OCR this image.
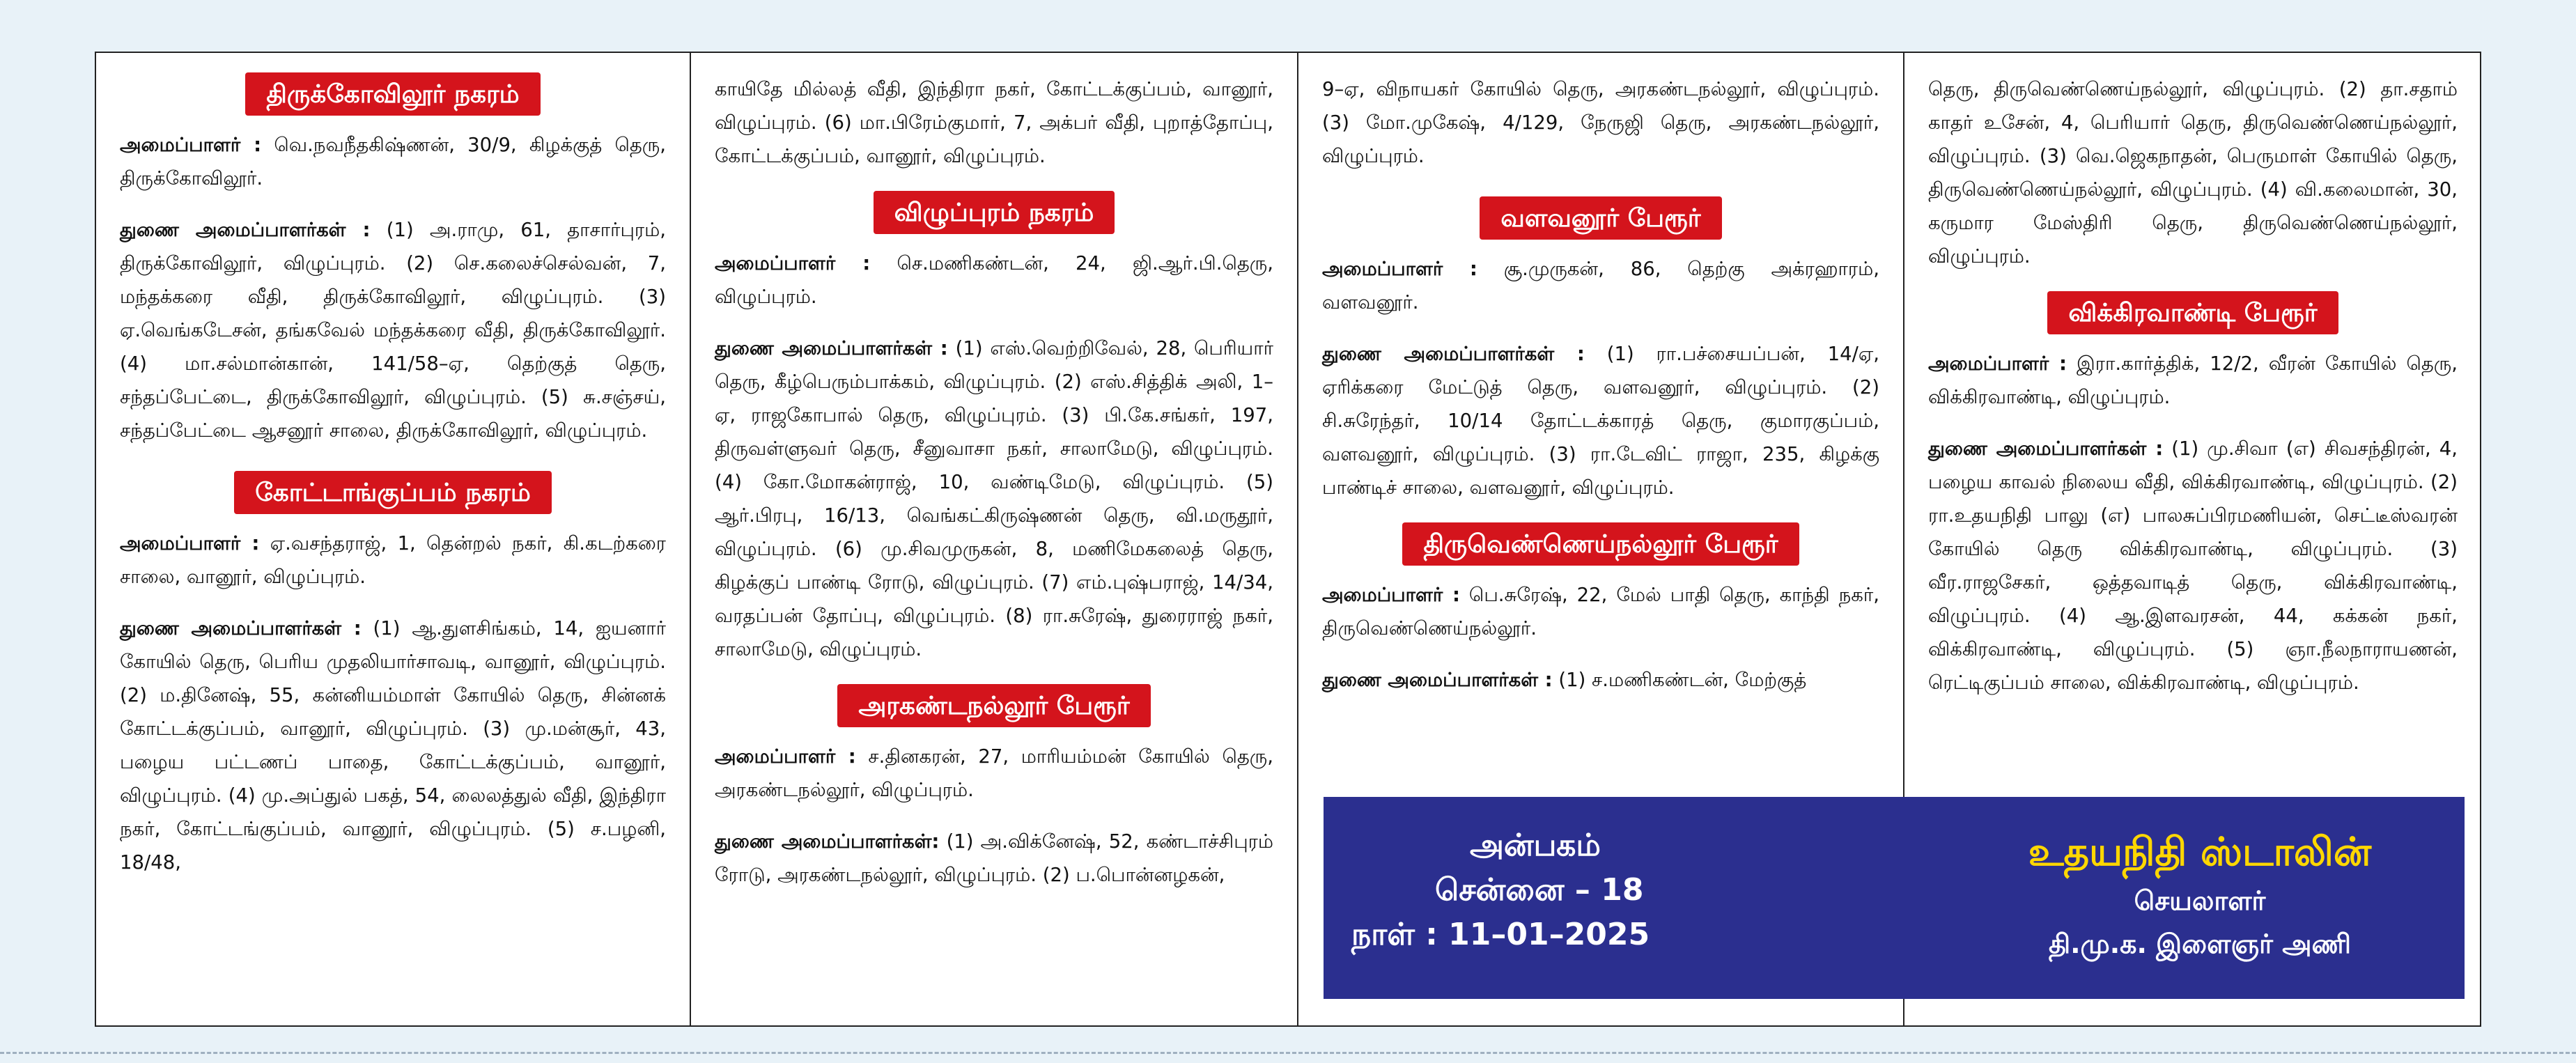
திருக்கோவிலூர் நகரம்

அமைப்பாளர் : வெ.நவநீதகிஷ்ணன், 30/9, கிழக்குத் தெரு, திருக்கோவிலூர்.

துணை அமைப்பாளர்கள் : (1) அ.ராமு, 61, தாசார்புரம், திருக்கோவிலூர், விழுப்புரம். (2) செ.கலைச்செல்வன், 7, மந்தக்கரை வீதி, திருக்கோவிலூர், விழுப்புரம். (3) ஏ.வெங்கடேசன், தங்கவேல் மந்தக்கரை வீதி, திருக்கோவிலூர். (4) மா.சல்மான்கான், 141/58–ஏ, தெற்குத் தெரு, சந்தப்பேட்டை, திருக்கோவிலூர், விழுப்புரம். (5) சு.சஞ்சய், சந்தப்பேட்டை ஆசனூர் சாலை, திருக்கோவிலூர், விழுப்புரம்.

கோட்டாங்குப்பம் நகரம்

அமைப்பாளர் : ஏ.வசந்தராஜ், 1, தென்றல் நகர், கி.கடற்கரை சாலை, வானூர், விழுப்புரம்.

துணை அமைப்பாளர்கள் : (1) ஆ.துளசிங்கம், 14, ஐயனார் கோயில் தெரு, பெரிய முதலியார்சாவடி, வானூர், விழுப்புரம். (2) ம.தினேஷ், 55, கன்னியம்மாள் கோயில் தெரு, சின்னக் கோட்டக்குப்பம், வானூர், விழுப்புரம். (3) மு.மன்சூர், 43, பழைய பட்டணப் பாதை, கோட்டக்குப்பம், வானூர், விழுப்புரம். (4) மு.அப்துல் பகத், 54, லைலத்துல் வீதி, இந்திரா நகர், கோட்டங்குப்பம், வானூர், விழுப்புரம். (5) ச.பழனி, 18/48,

காயிதே மில்லத் வீதி, இந்திரா நகர், கோட்டக்குப்பம், வானூர், விழுப்புரம். (6) மா.பிரேம்குமார், 7, அக்பர் வீதி, புறாத்தோப்பு, கோட்டக்குப்பம், வானூர், விழுப்புரம்.

விழுப்புரம் நகரம்

அமைப்பாளர் : செ.மணிகண்டன், 24, ஜி.ஆர்.பி.தெரு, விழுப்புரம்.

துணை அமைப்பாளர்கள் : (1) எஸ்.வெற்றிவேல், 28, பெரியார் தெரு, கீழ்பெரும்பாக்கம், விழுப்புரம். (2) எஸ்.சித்திக் அலி, 1–ஏ, ராஜகோபால் தெரு, விழுப்புரம். (3) பி.கே.சங்கர், 197, திருவள்ளுவர் தெரு, சீனுவாசா நகர், சாலாமேடு, விழுப்புரம். (4) கோ.மோகன்ராஜ், 10, வண்டிமேடு, விழுப்புரம். (5) ஆர்.பிரபு, 16/13, வெங்கட்கிருஷ்ணன் தெரு, வி.மருதூர், விழுப்புரம். (6) மு.சிவமுருகன், 8, மணிமேகலைத் தெரு, கிழக்குப் பாண்டி ரோடு, விழுப்புரம். (7) எம்.புஷ்பராஜ், 14/34, வரதப்பன் தோப்பு, விழுப்புரம். (8) ரா.சுரேஷ், துரைராஜ் நகர், சாலாமேடு, விழுப்புரம்.

அரகண்டநல்லூர் பேரூர்

அமைப்பாளர் : ச.தினகரன், 27, மாரியம்மன் கோயில் தெரு, அரகண்டநல்லூர், விழுப்புரம்.

துணை அமைப்பாளர்கள்: (1) அ.விக்னேஷ், 52, கண்டாச்சிபுரம் ரோடு, அரகண்டநல்லூர், விழுப்புரம். (2) ப.பொன்னழகன்,

9–ஏ, விநாயகர் கோயில் தெரு, அரகண்டநல்லூர், விழுப்புரம். (3) மோ.முகேஷ், 4/129, நேருஜி தெரு, அரகண்டநல்லூர், விழுப்புரம்.

வளவனூர் பேரூர்

அமைப்பாளர் : சூ.முருகன், 86, தெற்கு அக்ரஹாரம், வளவனூர்.

துணை அமைப்பாளர்கள் : (1) ரா.பச்சையப்பன், 14/ஏ, ஏரிக்கரை மேட்டுத் தெரு, வளவனூர், விழுப்புரம். (2) சி.சுரேந்தர், 10/14 தோட்டக்காரத் தெரு, குமாரகுப்பம், வளவனூர், விழுப்புரம். (3) ரா.டேவிட் ராஜா, 235, கிழக்கு பாண்டிச் சாலை, வளவனூர், விழுப்புரம்.

திருவெண்ணெய்நல்லூர் பேரூர்

அமைப்பாளர் : பெ.சுரேஷ், 22, மேல் பாதி தெரு, காந்தி நகர், திருவெண்ணெய்நல்லூர்.

துணை அமைப்பாளர்கள் : (1) ச.மணிகண்டன், மேற்குத்

தெரு, திருவெண்ணெய்நல்லூர், விழுப்புரம். (2) தா.சதாம் காதர் உசேன், 4, பெரியார் தெரு, திருவெண்ணெய்நல்லூர், விழுப்புரம். (3) வெ.ஜெகநாதன், பெருமாள் கோயில் தெரு, திருவெண்ணெய்நல்லூர், விழுப்புரம். (4) வி.கலைமான், 30, கருமார மேஸ்திரி தெரு, திருவெண்ணெய்நல்லூர், விழுப்புரம்.

விக்கிரவாண்டி பேரூர்

அமைப்பாளர் : இரா.கார்த்திக், 12/2, வீரன் கோயில் தெரு, விக்கிரவாண்டி, விழுப்புரம்.

துணை அமைப்பாளர்கள் : (1) மு.சிவா (எ) சிவசந்திரன், 4, பழைய காவல் நிலைய வீதி, விக்கிரவாண்டி, விழுப்புரம். (2) ரா.உதயநிதி பாலு (எ) பாலசுப்பிரமணியன், செட்டீஸ்வரன் கோயில் தெரு விக்கிரவாண்டி, விழுப்புரம். (3) வீர.ராஜசேகர், ஒத்தவாடித் தெரு, விக்கிரவாண்டி, விழுப்புரம். (4) ஆ.இளவரசன், 44, கக்கன் நகர், விக்கிரவாண்டி, விழுப்புரம். (5) ஞா.நீலநாராயணன், ரெட்டிகுப்பம் சாலை, விக்கிரவாண்டி, விழுப்புரம்.

அன்பகம்
சென்னை – 18
நாள் : 11–01–2025
உதயநிதி ஸ்டாலின்
செயலாளர்
தி.மு.க. இளைஞர் அணி
